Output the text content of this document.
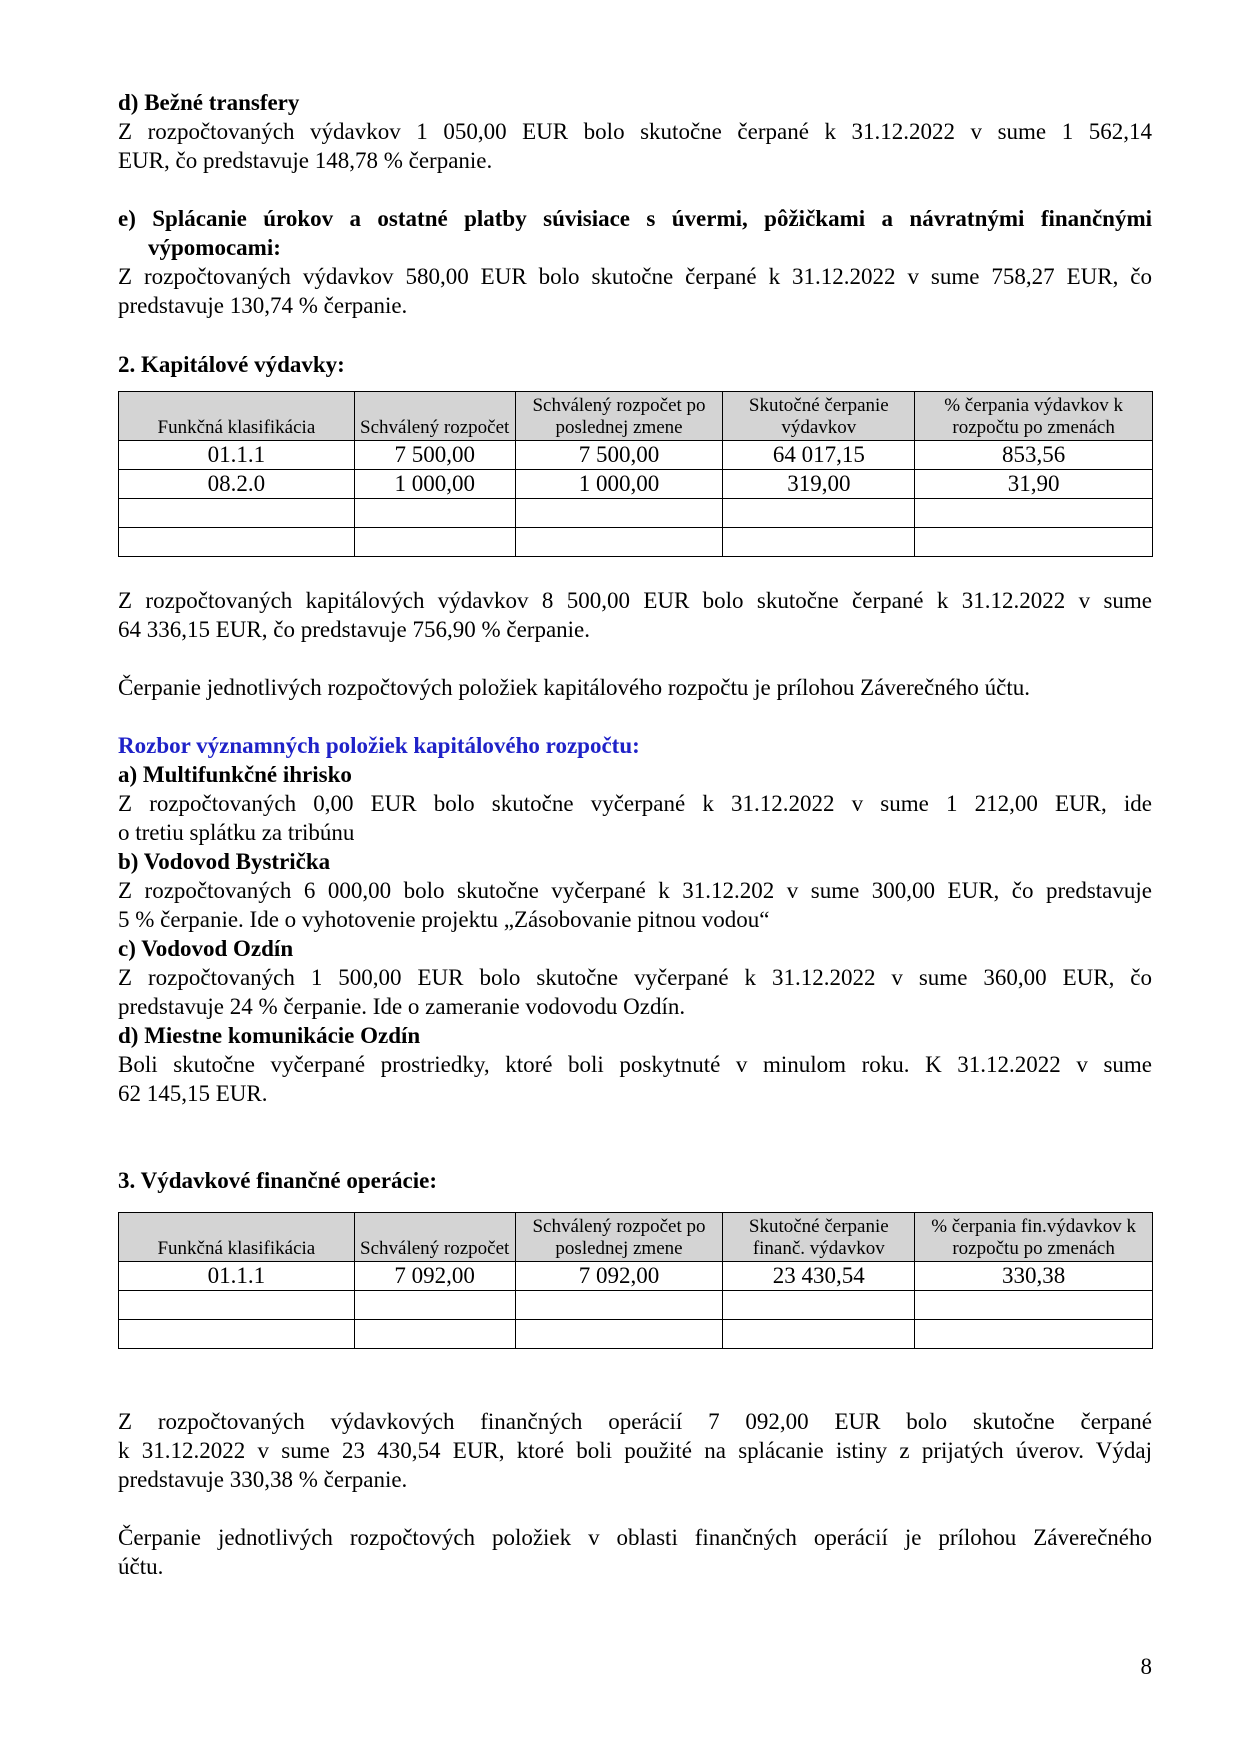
d) Bežné transfery

Z rozpočtovaných výdavkov 1 050,00 EUR bolo skutočne čerpané k 31.12.2022 v sume 1 562,14

EUR, čo predstavuje 148,78 % čerpanie.

e) Splácanie úrokov a ostatné platby súvisiace s úvermi, pôžičkami a návratnými finančnými výpomocami:

Z rozpočtovaných výdavkov 580,00 EUR bolo skutočne čerpané k 31.12.2022 v sume 758,27 EUR, čo

predstavuje 130,74 % čerpanie.

2. Kapitálové výdavky:

Funkčná klasifikácia	Schválený rozpočet	Schválený rozpočet po poslednej zmene	Skutočné čerpanie výdavkov	% čerpania výdavkov k rozpočtu po zmenách
01.1.1	7 500,00	7 500,00	64 017,15	853,56
08.2.0	1 000,00	1 000,00	319,00	31,90

Z rozpočtovaných kapitálových výdavkov 8 500,00 EUR bolo skutočne čerpané k 31.12.2022 v sume

64 336,15 EUR, čo predstavuje 756,90 % čerpanie.

Čerpanie jednotlivých rozpočtových položiek kapitálového rozpočtu je prílohou Záverečného účtu.

Rozbor významných položiek kapitálového rozpočtu:

a) Multifunkčné ihrisko

Z rozpočtovaných 0,00 EUR bolo skutočne vyčerpané k 31.12.2022 v sume 1 212,00 EUR, ide

o tretiu splátku za tribúnu

b) Vodovod Bystrička

Z rozpočtovaných 6 000,00 bolo skutočne vyčerpané k 31.12.202 v sume 300,00 EUR, čo predstavuje

5 % čerpanie. Ide o vyhotovenie projektu „Zásobovanie pitnou vodou“

c) Vodovod Ozdín

Z rozpočtovaných 1 500,00 EUR bolo skutočne vyčerpané k 31.12.2022 v sume 360,00 EUR, čo

predstavuje 24 % čerpanie. Ide o zameranie vodovodu Ozdín.

d) Miestne komunikácie Ozdín

Boli skutočne vyčerpané prostriedky, ktoré boli poskytnuté v minulom roku. K 31.12.2022 v sume

62 145,15 EUR.

3. Výdavkové finančné operácie:

Funkčná klasifikácia	Schválený rozpočet	Schválený rozpočet po poslednej zmene	Skutočné čerpanie finanč. výdavkov	% čerpania fin.výdavkov k rozpočtu po zmenách
01.1.1	7 092,00	7 092,00	23 430,54	330,38

Z rozpočtovaných výdavkových finančných operácií 7 092,00 EUR bolo skutočne čerpané

k 31.12.2022 v sume 23 430,54 EUR, ktoré boli použité na splácanie istiny z prijatých úverov. Výdaj

predstavuje 330,38 % čerpanie.

Čerpanie jednotlivých rozpočtových položiek v oblasti finančných operácií je prílohou Záverečného

účtu.

8
